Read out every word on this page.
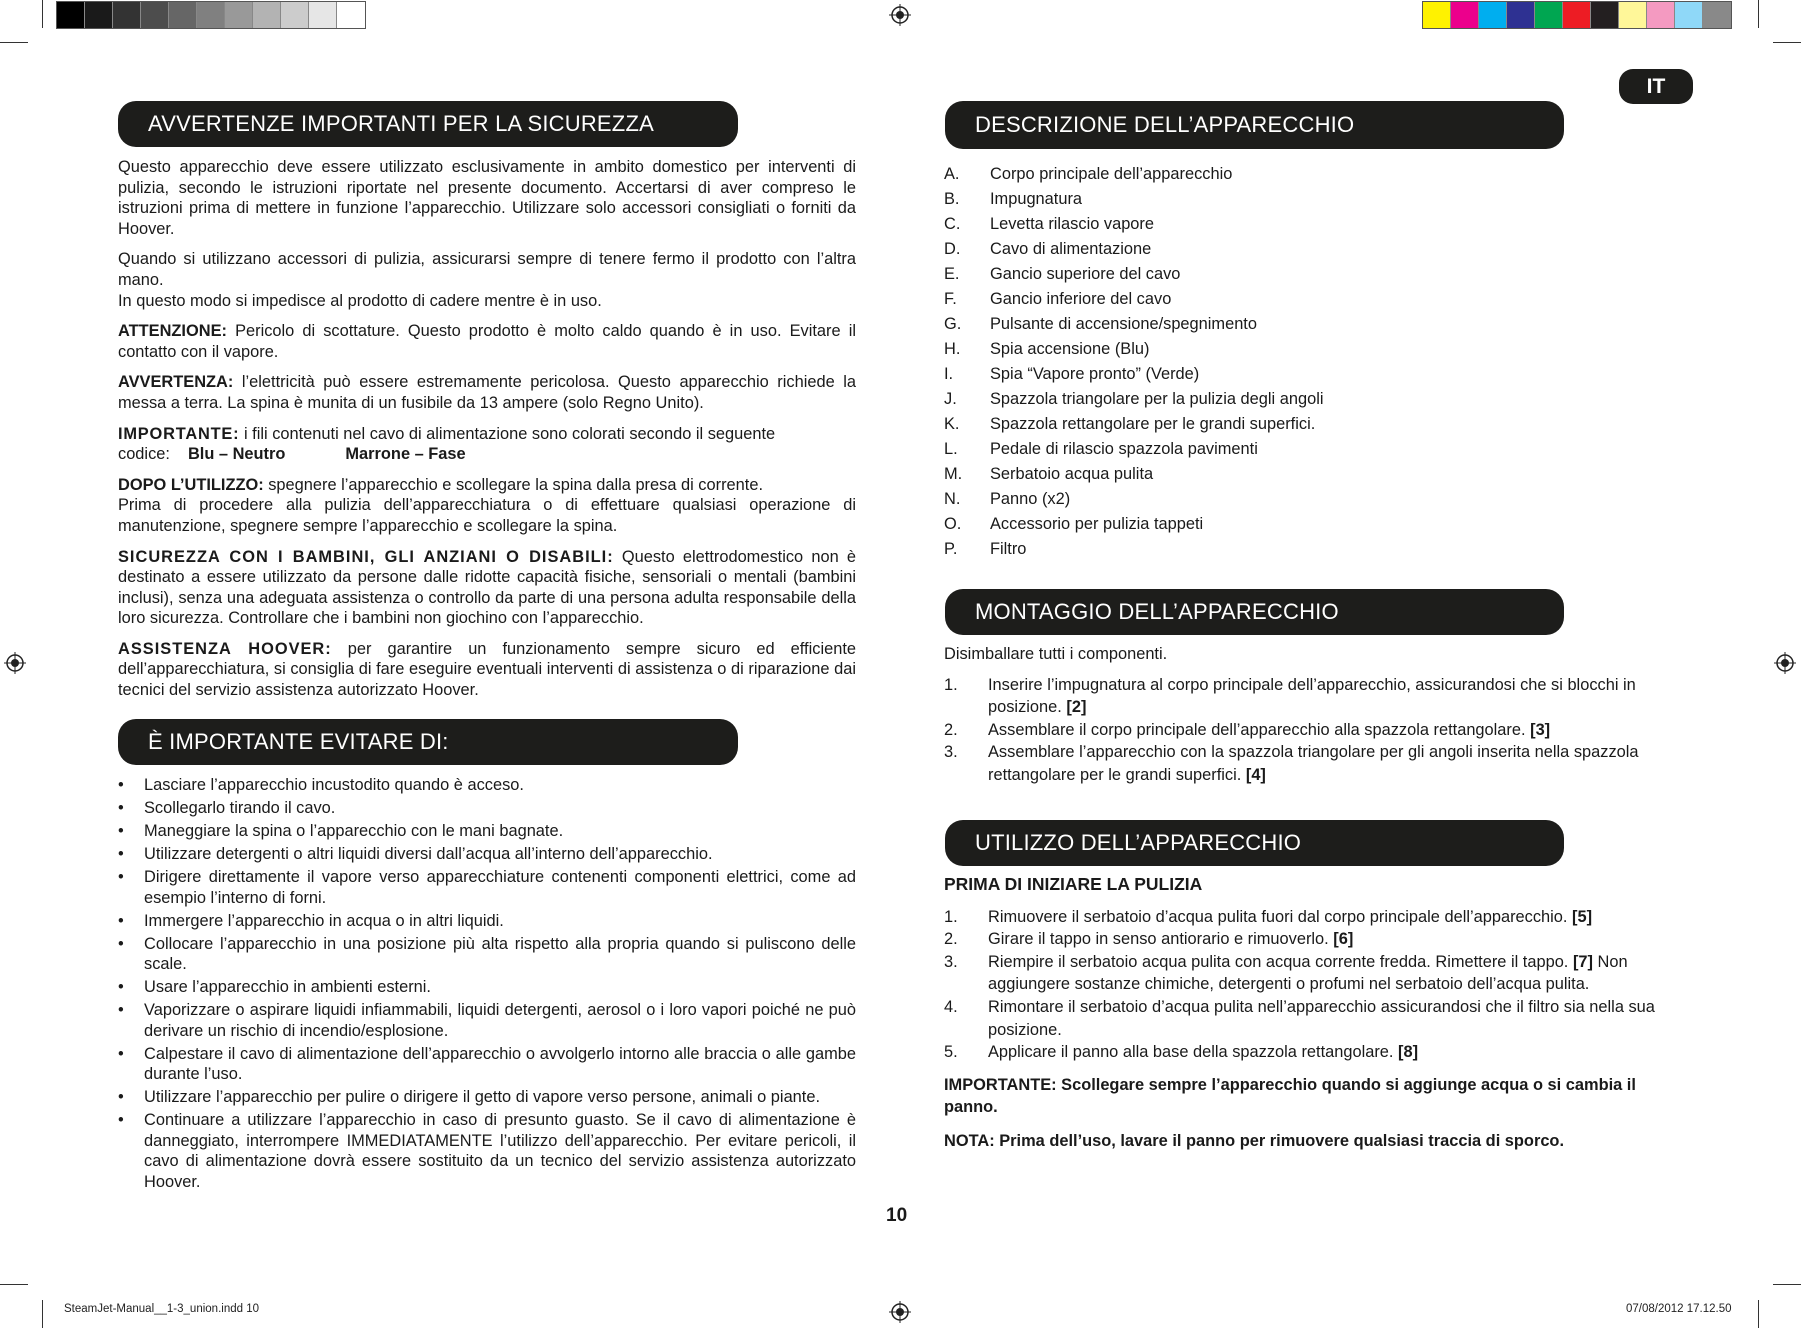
IT
AVVERTENZE IMPORTANTI PER LA SICUREZZA

Questo apparecchio deve essere utilizzato esclusivamente in ambito domestico per interventi di pulizia, secondo le istruzioni riportate nel presente documento. Accertarsi di aver compreso le istruzioni prima di mettere in funzione l’apparecchio. Utilizzare solo accessori consigliati o forniti da Hoover.

Quando si utilizzano accessori di pulizia, assicurarsi sempre di tenere fermo il prodotto con l’altra mano.

In questo modo si impedisce al prodotto di cadere mentre è in uso.

ATTENZIONE: Pericolo di scottature. Questo prodotto è molto caldo quando è in uso. Evitare il contatto con il vapore.

AVVERTENZA: l’elettricità può essere estremamente pericolosa. Questo apparecchio richiede la messa a terra. La spina è munita di un fusibile da 13 ampere (solo Regno Unito).

IMPORTANTE: i fili contenuti nel cavo di alimentazione sono colorati secondo il seguente codice: Blu – Neutro	Marrone – Fase

DOPO L’UTILIZZO: spegnere l’apparecchio e scollegare la spina dalla presa di corrente.

Prima di procedere alla pulizia dell’apparecchiatura o di effettuare qualsiasi operazione di manutenzione, spegnere sempre l’apparecchio e scollegare la spina.

SICUREZZA CON I BAMBINI, GLI ANZIANI O DISABILI: Questo elettrodomestico non è destinato a essere utilizzato da persone dalle ridotte capacità fisiche, sensoriali o mentali (bambini inclusi), senza una adeguata assistenza o controllo da parte di una persona adulta responsabile della loro sicurezza. Controllare che i bambini non giochino con l’apparecchio.

ASSISTENZA HOOVER: per garantire un funzionamento sempre sicuro ed efficiente dell’apparecchiatura, si consiglia di fare eseguire eventuali interventi di assistenza o di riparazione dai tecnici del servizio assistenza autorizzato Hoover.

È IMPORTANTE EVITARE DI:
• Lasciare l’apparecchio incustodito quando è acceso.
• Scollegarlo tirando il cavo.
• Maneggiare la spina o l’apparecchio con le mani bagnate.
• Utilizzare detergenti o altri liquidi diversi dall’acqua all’interno dell’apparecchio.
• Dirigere direttamente il vapore verso apparecchiature contenenti componenti elettrici, come ad esempio l’interno di forni.
• Immergere l’apparecchio in acqua o in altri liquidi.
• Collocare l’apparecchio in una posizione più alta rispetto alla propria quando si puliscono delle scale.
• Usare l’apparecchio in ambienti esterni.
• Vaporizzare o aspirare liquidi infiammabili, liquidi detergenti, aerosol o i loro vapori poiché ne può derivare un rischio di incendio/esplosione.
• Calpestare il cavo di alimentazione dell’apparecchio o avvolgerlo intorno alle braccia o alle gambe durante l’uso.
• Utilizzare l’apparecchio per pulire o dirigere il getto di vapore verso persone, animali o piante.
• Continuare a utilizzare l’apparecchio in caso di presunto guasto. Se il cavo di alimentazione è danneggiato, interrompere IMMEDIATAMENTE l’utilizzo dell’apparecchio. Per evitare pericoli, il cavo di alimentazione dovrà essere sostituito da un tecnico del servizio assistenza autorizzato Hoover.
DESCRIZIONE DELL’APPARECCHIO
A.	Corpo principale dell’apparecchio
B.	Impugnatura
C.	Levetta rilascio vapore
D.	Cavo di alimentazione
E.	Gancio superiore del cavo
F.	Gancio inferiore del cavo
G.	Pulsante di accensione/spegnimento
H.	Spia accensione (Blu)
I.	Spia “Vapore pronto” (Verde)
J.	Spazzola triangolare per la pulizia degli angoli
K.	Spazzola rettangolare per le grandi superfici.
L.	Pedale di rilascio spazzola pavimenti
M.	Serbatoio acqua pulita
N.	Panno (x2)
O.	Accessorio per pulizia tappeti
P.	Filtro
MONTAGGIO DELL’APPARECCHIO

Disimballare tutti i componenti.

1.	Inserire l’impugnatura al corpo principale dell’apparecchio, assicurandosi che si blocchi in posizione. [2]
2.	Assemblare il corpo principale dell’apparecchio alla spazzola rettangolare. [3]
3.	Assemblare l’apparecchio con la spazzola triangolare per gli angoli inserita nella spazzola rettangolare per le grandi superfici. [4]
UTILIZZO DELL’APPARECCHIO

PRIMA DI INIZIARE LA PULIZIA

1.	Rimuovere il serbatoio d’acqua pulita fuori dal corpo principale dell’apparecchio. [5]
2.	Girare il tappo in senso antiorario e rimuoverlo. [6]
3.	Riempire il serbatoio acqua pulita con acqua corrente fredda. Rimettere il tappo. [7] Non aggiungere sostanze chimiche, detergenti o profumi nel serbatoio dell’acqua pulita.
4.	Rimontare il serbatoio d’acqua pulita nell’apparecchio assicurandosi che il filtro sia nella sua posizione.
5.	Applicare il panno alla base della spazzola rettangolare. [8]

IMPORTANTE: Scollegare sempre l’apparecchio quando si aggiunge acqua o si cambia il panno.

NOTA: Prima dell’uso, lavare il panno per rimuovere qualsiasi traccia di sporco.

10
SteamJet-Manual__1-3_union.indd 10	07/08/2012 17.12.50
